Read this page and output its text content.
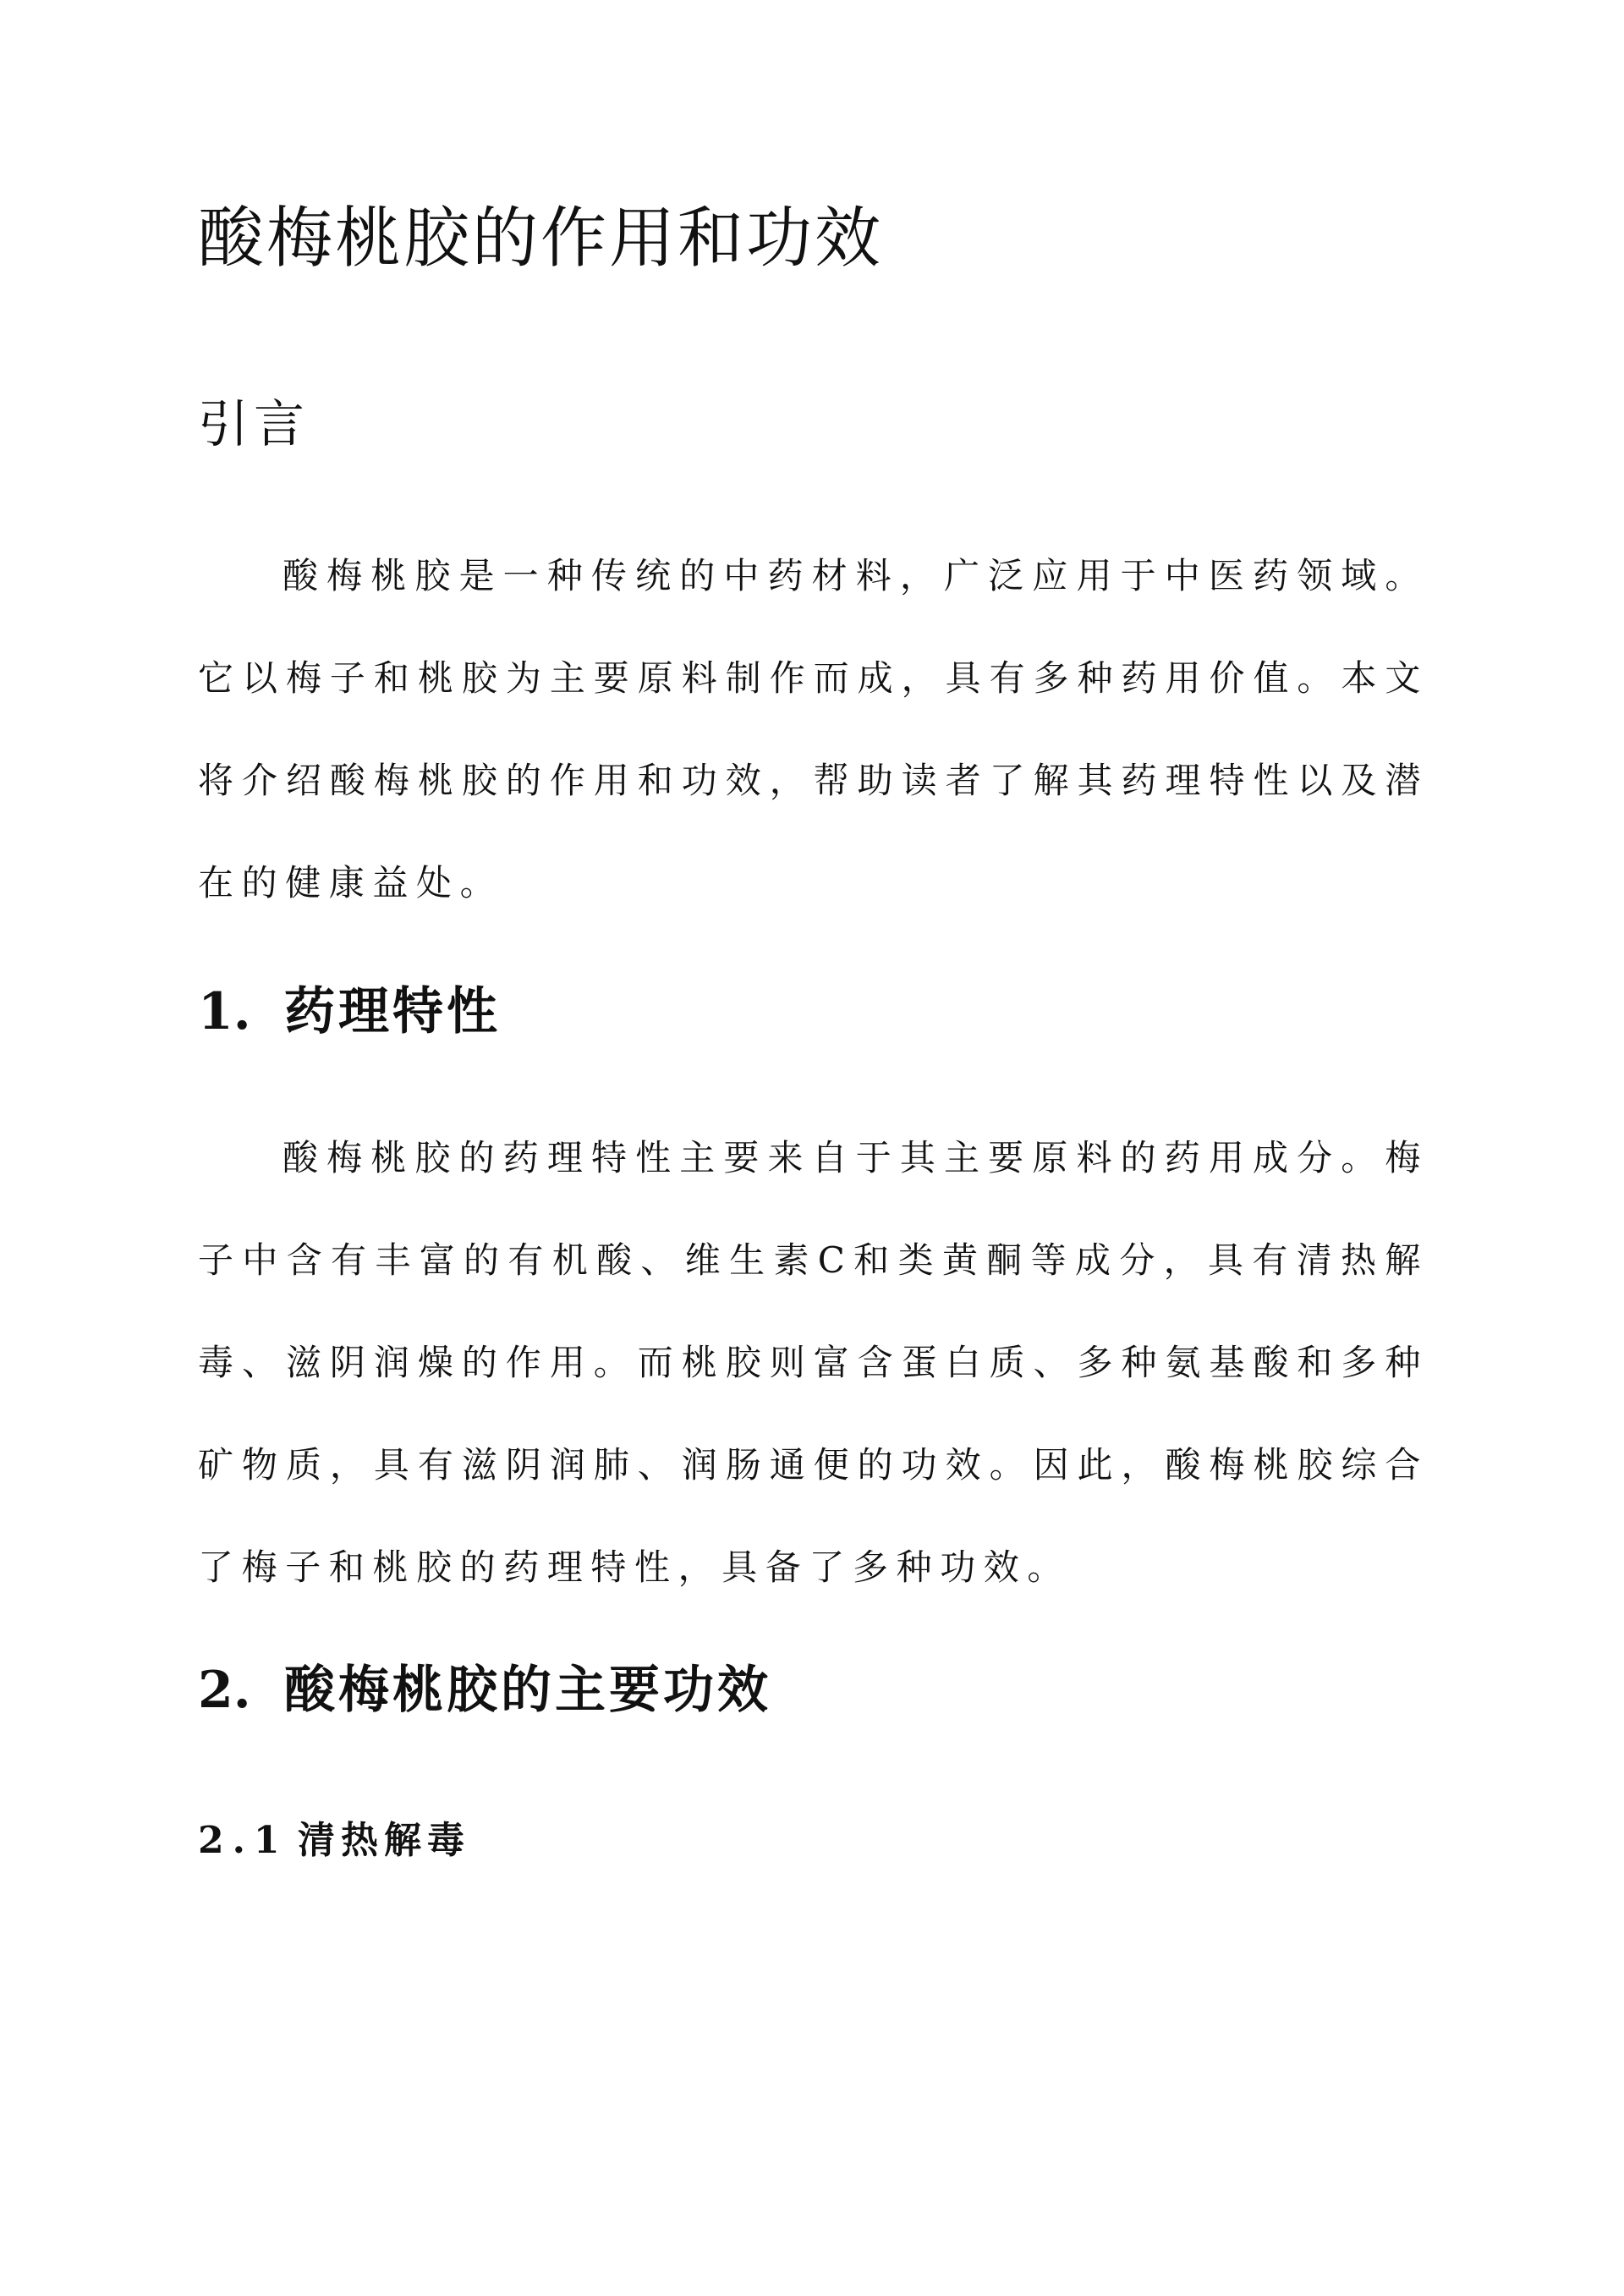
酸梅桃胶的作用和功效
引言

酸梅桃胶是一种传统的中药材料，广泛应用于中医药领域。它以梅子和桃胶为主要原料制作而成，具有多种药用价值。本文将介绍酸梅桃胶的作用和功效，帮助读者了解其药理特性以及潜在的健康益处。

1. 药理特性

酸梅桃胶的药理特性主要来自于其主要原料的药用成分。梅子中含有丰富的有机酸、维生素C和类黄酮等成分，具有清热解毒、滋阴润燥的作用。而桃胶则富含蛋白质、多种氨基酸和多种矿物质，具有滋阴润肺、润肠通便的功效。因此，酸梅桃胶综合了梅子和桃胶的药理特性，具备了多种功效。

2. 酸梅桃胶的主要功效
2.1 清热解毒
